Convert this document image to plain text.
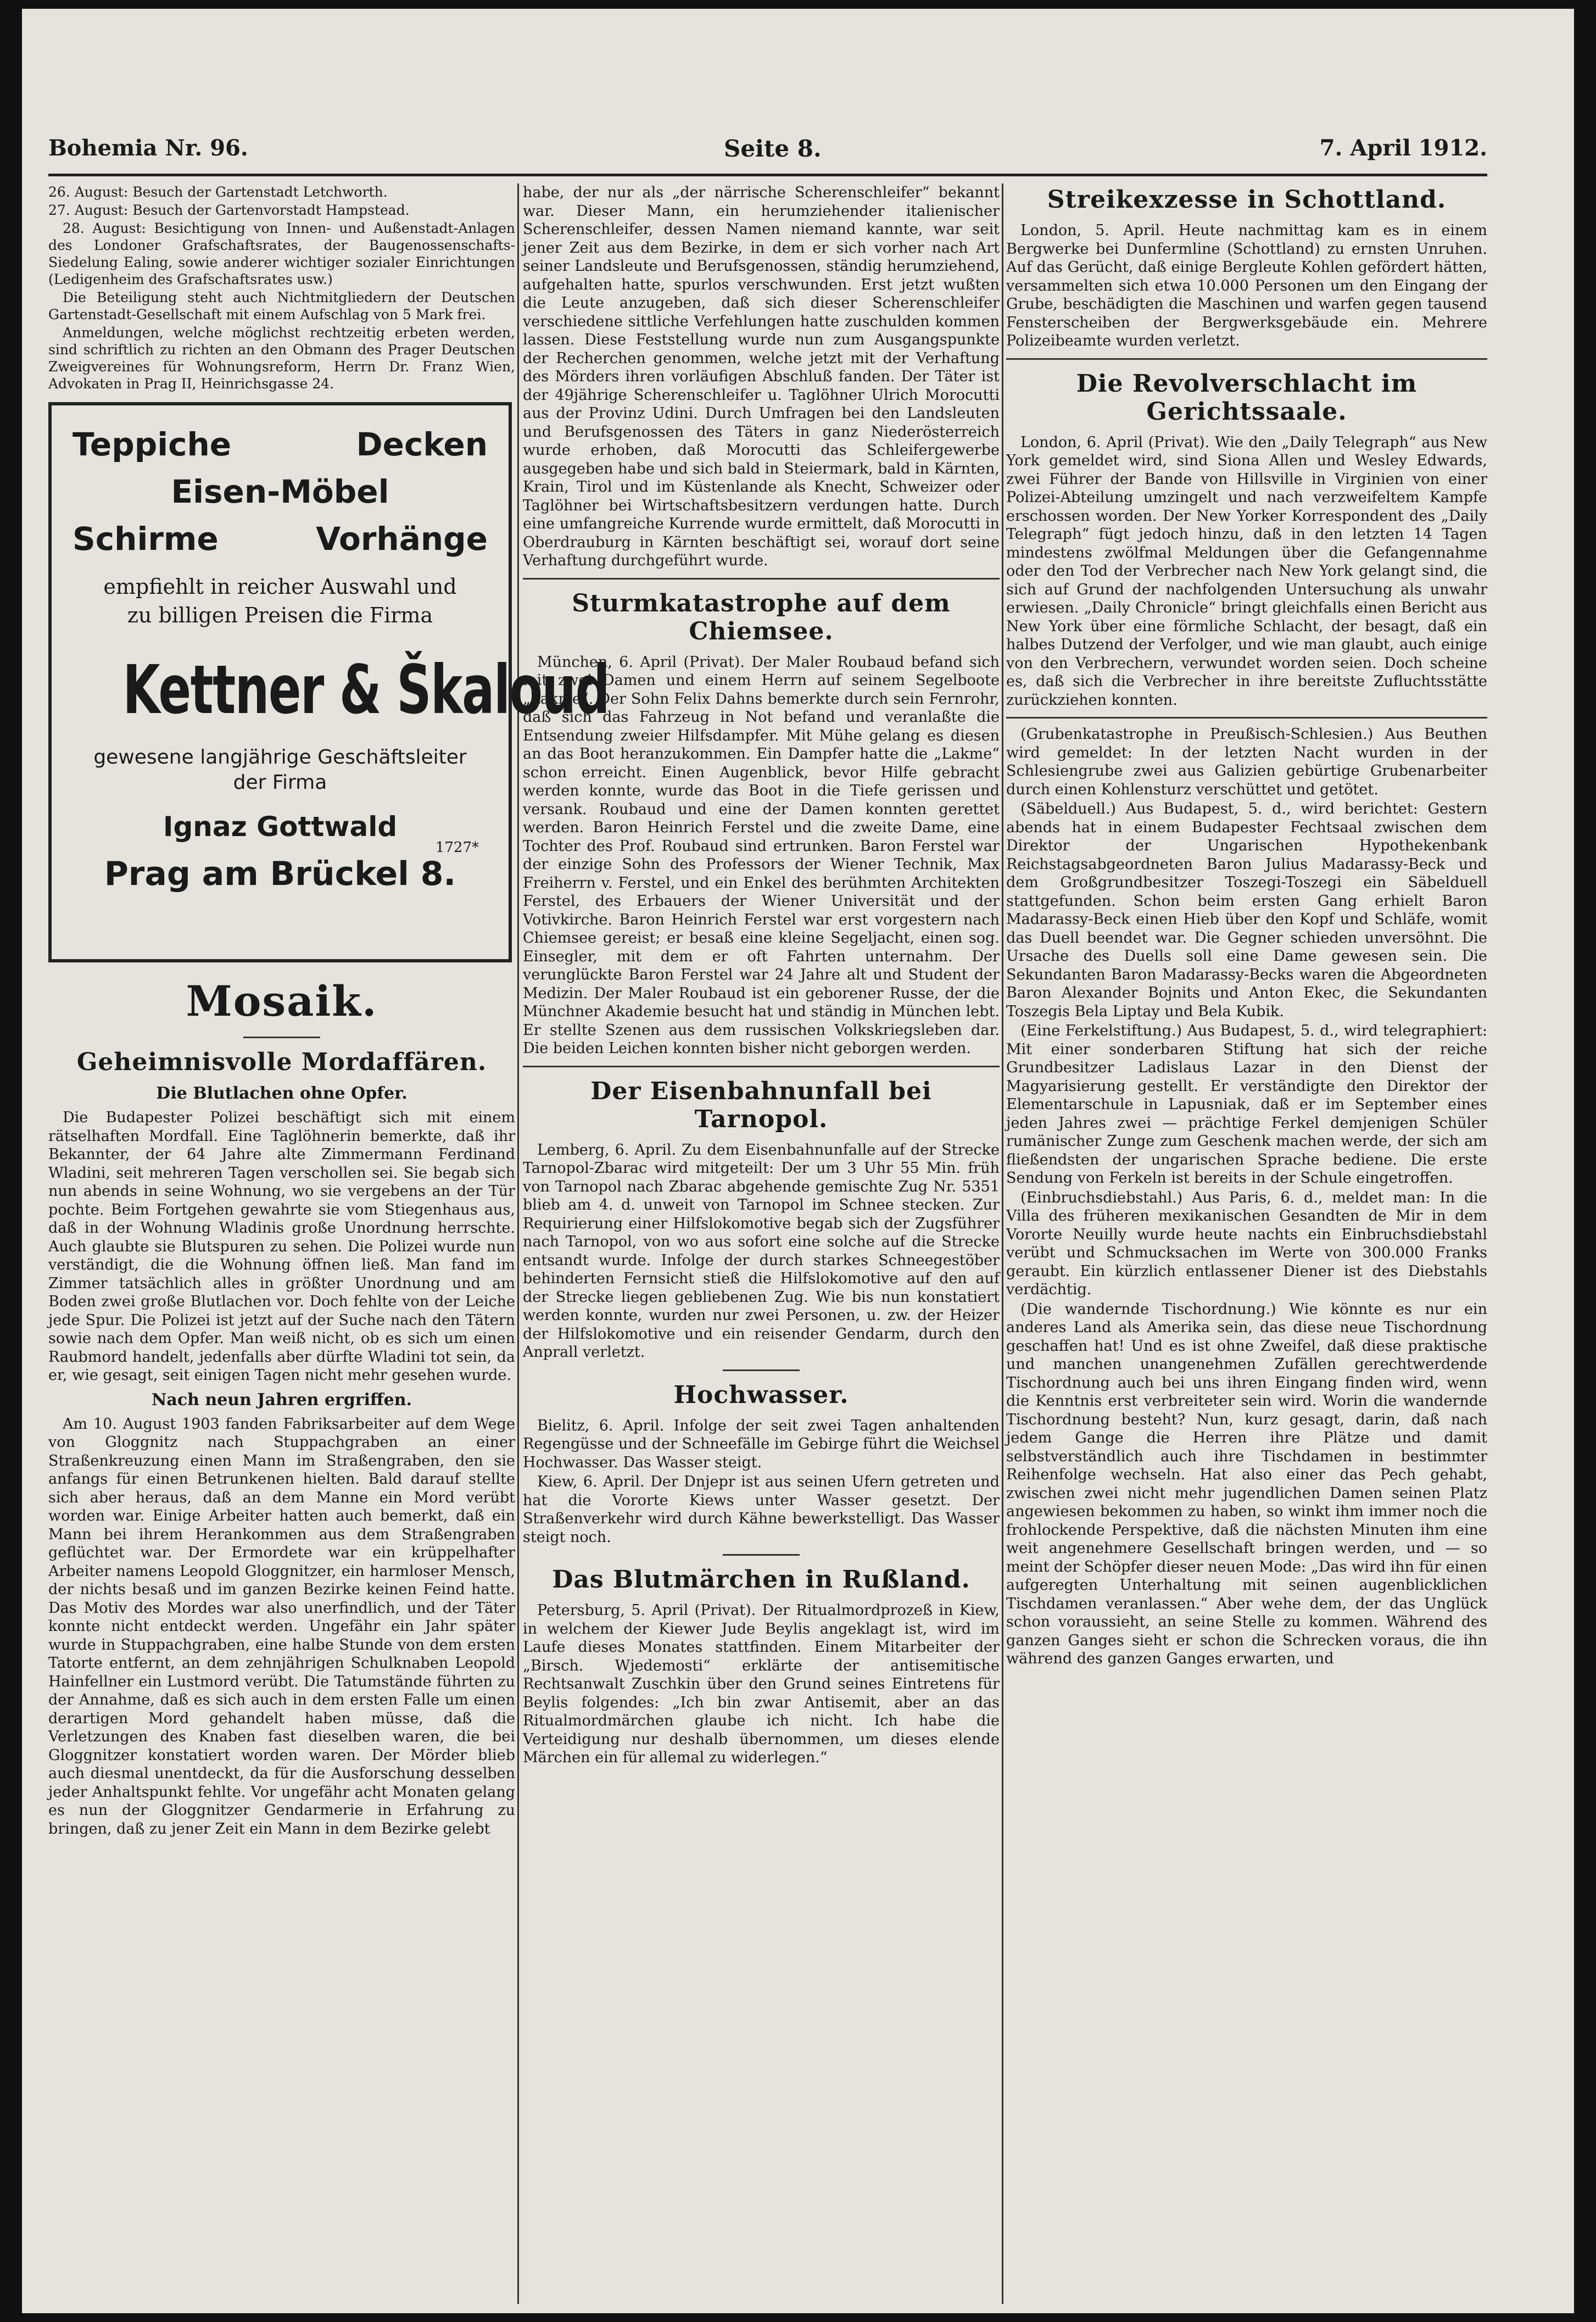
Bohemia Nr. 96.	Seite 8.	7. April 1912.

26. August: Besuch der Gartenstadt Letchworth.

27. August: Besuch der Gartenvorstadt Hampstead.

28. August: Besichtigung von Innen- und Außenstadt-Anlagen des Londoner Grafschaftsrates, der Baugenossenschafts-Siedelung Ealing, sowie anderer wichtiger sozialer Einrichtungen (Ledigenheim des Grafschaftsrates usw.)

Die Beteiligung steht auch Nichtmitgliedern der Deutschen Gartenstadt-Gesellschaft mit einem Aufschlag von 5 Mark frei.

Anmeldungen, welche möglichst rechtzeitig erbeten werden, sind schriftlich zu richten an den Obmann des Prager Deutschen Zweigvereines für Wohnungsreform, Herrn Dr. Franz Wien, Advokaten in Prag II, Heinrichsgasse 24.

Teppiche	Decken
Eisen-Möbel
Schirme	Vorhänge
empfiehlt in reicher Auswahl und
zu billigen Preisen die Firma
Kettner & Škaloud
gewesene langjährige Geschäftsleiter
der Firma
1727*
Ignaz Gottwald
Prag am Brückel 8.
Mosaik.
Geheimnisvolle Mordaffären.
Die Blutlachen ohne Opfer.

Die Budapester Polizei beschäftigt sich mit einem rätselhaften Mordfall. Eine Taglöhnerin bemerkte, daß ihr Bekannter, der 64 Jahre alte Zimmermann Ferdinand Wladini, seit mehreren Tagen verschollen sei. Sie begab sich nun abends in seine Wohnung, wo sie vergebens an der Tür pochte. Beim Fortgehen gewahrte sie vom Stiegenhaus aus, daß in der Wohnung Wladinis große Unordnung herrschte. Auch glaubte sie Blutspuren zu sehen. Die Polizei wurde nun verständigt, die die Wohnung öffnen ließ. Man fand im Zimmer tatsächlich alles in größter Unordnung und am Boden zwei große Blutlachen vor. Doch fehlte von der Leiche jede Spur. Die Polizei ist jetzt auf der Suche nach den Tätern sowie nach dem Opfer. Man weiß nicht, ob es sich um einen Raubmord handelt, jedenfalls aber dürfte Wladini tot sein, da er, wie gesagt, seit einigen Tagen nicht mehr gesehen wurde.

Nach neun Jahren ergriffen.

Am 10. August 1903 fanden Fabriksarbeiter auf dem Wege von Gloggnitz nach Stuppachgraben an einer Straßenkreuzung einen Mann im Straßengraben, den sie anfangs für einen Betrunkenen hielten. Bald darauf stellte sich aber heraus, daß an dem Manne ein Mord verübt worden war. Einige Arbeiter hatten auch bemerkt, daß ein Mann bei ihrem Herankommen aus dem Straßengraben geflüchtet war. Der Ermordete war ein krüppelhafter Arbeiter namens Leopold Gloggnitzer, ein harmloser Mensch, der nichts besaß und im ganzen Bezirke keinen Feind hatte. Das Motiv des Mordes war also unerfindlich, und der Täter konnte nicht entdeckt werden. Ungefähr ein Jahr später wurde in Stuppachgraben, eine halbe Stunde von dem ersten Tatorte entfernt, an dem zehnjährigen Schulknaben Leopold Hainfellner ein Lustmord verübt. Die Tatumstände führten zu der Annahme, daß es sich auch in dem ersten Falle um einen derartigen Mord gehandelt haben müsse, daß die Verletzungen des Knaben fast dieselben waren, die bei Gloggnitzer konstatiert worden waren. Der Mörder blieb auch diesmal unentdeckt, da für die Ausforschung desselben jeder Anhaltspunkt fehlte. Vor ungefähr acht Monaten gelang es nun der Gloggnitzer Gendarmerie in Erfahrung zu bringen, daß zu jener Zeit ein Mann in dem Bezirke gelebt

habe, der nur als „der närrische Scherenschleifer“ bekannt war. Dieser Mann, ein herumziehender italienischer Scherenschleifer, dessen Namen niemand kannte, war seit jener Zeit aus dem Bezirke, in dem er sich vorher nach Art seiner Landsleute und Berufsgenossen, ständig herumziehend, aufgehalten hatte, spurlos verschwunden. Erst jetzt wußten die Leute anzugeben, daß sich dieser Scherenschleifer verschiedene sittliche Verfehlungen hatte zuschulden kommen lassen. Diese Feststellung wurde nun zum Ausgangspunkte der Recherchen genommen, welche jetzt mit der Verhaftung des Mörders ihren vorläufigen Abschluß fanden. Der Täter ist der 49jährige Scherenschleifer u. Taglöhner Ulrich Morocutti aus der Provinz Udini. Durch Umfragen bei den Landsleuten und Berufsgenossen des Täters in ganz Niederösterreich wurde erhoben, daß Morocutti das Schleifergewerbe ausgegeben habe und sich bald in Steiermark, bald in Kärnten, Krain, Tirol und im Küstenlande als Knecht, Schweizer oder Taglöhner bei Wirtschaftsbesitzern verdungen hatte. Durch eine umfangreiche Kurrende wurde ermittelt, daß Morocutti in Oberdrauburg in Kärnten beschäftigt sei, worauf dort seine Verhaftung durchgeführt wurde.

Sturmkatastrophe auf dem Chiemsee.

München, 6. April (Privat). Der Maler Roubaud befand sich mit zwei Damen und einem Herrn auf seinem Segelboote „Lakme“. Der Sohn Felix Dahns bemerkte durch sein Fernrohr, daß sich das Fahrzeug in Not befand und veranlaßte die Entsendung zweier Hilfsdampfer. Mit Mühe gelang es diesen an das Boot heranzukommen. Ein Dampfer hatte die „Lakme“ schon erreicht. Einen Augenblick, bevor Hilfe gebracht werden konnte, wurde das Boot in die Tiefe gerissen und versank. Roubaud und eine der Damen konnten gerettet werden. Baron Heinrich Ferstel und die zweite Dame, eine Tochter des Prof. Roubaud sind ertrunken. Baron Ferstel war der einzige Sohn des Professors der Wiener Technik, Max Freiherrn v. Ferstel, und ein Enkel des berühmten Architekten Ferstel, des Erbauers der Wiener Universität und der Votivkirche. Baron Heinrich Ferstel war erst vorgestern nach Chiemsee gereist; er besaß eine kleine Segeljacht, einen sog. Einsegler, mit dem er oft Fahrten unternahm. Der verunglückte Baron Ferstel war 24 Jahre alt und Student der Medizin. Der Maler Roubaud ist ein geborener Russe, der die Münchner Akademie besucht hat und ständig in München lebt. Er stellte Szenen aus dem russischen Volkskriegsleben dar. Die beiden Leichen konnten bisher nicht geborgen werden.

Der Eisenbahnunfall bei Tarnopol.

Lemberg, 6. April. Zu dem Eisenbahnunfalle auf der Strecke Tarnopol-Zbarac wird mitgeteilt: Der um 3 Uhr 55 Min. früh von Tarnopol nach Zbarac abgehende gemischte Zug Nr. 5351 blieb am 4. d. unweit von Tarnopol im Schnee stecken. Zur Requirierung einer Hilfslokomotive begab sich der Zugsführer nach Tarnopol, von wo aus sofort eine solche auf die Strecke entsandt wurde. Infolge der durch starkes Schneegestöber behinderten Fernsicht stieß die Hilfslokomotive auf den auf der Strecke liegen gebliebenen Zug. Wie bis nun konstatiert werden konnte, wurden nur zwei Personen, u. zw. der Heizer der Hilfslokomotive und ein reisender Gendarm, durch den Anprall verletzt.

Hochwasser.

Bielitz, 6. April. Infolge der seit zwei Tagen anhaltenden Regengüsse und der Schneefälle im Gebirge führt die Weichsel Hochwasser. Das Wasser steigt.

Kiew, 6. April. Der Dnjepr ist aus seinen Ufern getreten und hat die Vororte Kiews unter Wasser gesetzt. Der Straßenverkehr wird durch Kähne bewerkstelligt. Das Wasser steigt noch.

Das Blutmärchen in Rußland.

Petersburg, 5. April (Privat). Der Ritualmordprozeß in Kiew, in welchem der Kiewer Jude Beylis angeklagt ist, wird im Laufe dieses Monates stattfinden. Einem Mitarbeiter der „Birsch. Wjedemosti“ erklärte der antisemitische Rechtsanwalt Zuschkin über den Grund seines Eintretens für Beylis folgendes: „Ich bin zwar Antisemit, aber an das Ritualmordmärchen glaube ich nicht. Ich habe die Verteidigung nur deshalb übernommen, um dieses elende Märchen ein für allemal zu widerlegen.“

Streikexzesse in Schottland.

London, 5. April. Heute nachmittag kam es in einem Bergwerke bei Dunfermline (Schottland) zu ernsten Unruhen. Auf das Gerücht, daß einige Bergleute Kohlen gefördert hätten, versammelten sich etwa 10.000 Personen um den Eingang der Grube, beschädigten die Maschinen und warfen gegen tausend Fensterscheiben der Bergwerksgebäude ein. Mehrere Polizeibeamte wurden verletzt.

Die Revolverschlacht im Gerichtssaale.

London, 6. April (Privat). Wie den „Daily Telegraph“ aus New York gemeldet wird, sind Siona Allen und Wesley Edwards, zwei Führer der Bande von Hillsville in Virginien von einer Polizei-Abteilung umzingelt und nach verzweifeltem Kampfe erschossen worden. Der New Yorker Korrespondent des „Daily Telegraph“ fügt jedoch hinzu, daß in den letzten 14 Tagen mindestens zwölfmal Meldungen über die Gefangennahme oder den Tod der Verbrecher nach New York gelangt sind, die sich auf Grund der nachfolgenden Untersuchung als unwahr erwiesen. „Daily Chronicle“ bringt gleichfalls einen Bericht aus New York über eine förmliche Schlacht, der besagt, daß ein halbes Dutzend der Verfolger, und wie man glaubt, auch einige von den Verbrechern, verwundet worden seien. Doch scheine es, daß sich die Verbrecher in ihre bereitste Zufluchtsstätte zurückziehen konnten.

(Grubenkatastrophe in Preußisch-Schlesien.) Aus Beuthen wird gemeldet: In der letzten Nacht wurden in der Schlesiengrube zwei aus Galizien gebürtige Grubenarbeiter durch einen Kohlensturz verschüttet und getötet.

(Säbelduell.) Aus Budapest, 5. d., wird berichtet: Gestern abends hat in einem Budapester Fechtsaal zwischen dem Direktor der Ungarischen Hypothekenbank Reichstagsabgeordneten Baron Julius Madarassy-Beck und dem Großgrundbesitzer Toszegi-Toszegi ein Säbelduell stattgefunden. Schon beim ersten Gang erhielt Baron Madarassy-Beck einen Hieb über den Kopf und Schläfe, womit das Duell beendet war. Die Gegner schieden unversöhnt. Die Ursache des Duells soll eine Dame gewesen sein. Die Sekundanten Baron Madarassy-Becks waren die Abgeordneten Baron Alexander Bojnits und Anton Ekec, die Sekundanten Toszegis Bela Liptay und Bela Kubik.

(Eine Ferkelstiftung.) Aus Budapest, 5. d., wird telegraphiert: Mit einer sonderbaren Stiftung hat sich der reiche Grundbesitzer Ladislaus Lazar in den Dienst der Magyarisierung gestellt. Er verständigte den Direktor der Elementarschule in Lapusniak, daß er im September eines jeden Jahres zwei — prächtige Ferkel demjenigen Schüler rumänischer Zunge zum Geschenk machen werde, der sich am fließendsten der ungarischen Sprache bediene. Die erste Sendung von Ferkeln ist bereits in der Schule eingetroffen.

(Einbruchsdiebstahl.) Aus Paris, 6. d., meldet man: In die Villa des früheren mexikanischen Gesandten de Mir in dem Vororte Neuilly wurde heute nachts ein Einbruchsdiebstahl verübt und Schmucksachen im Werte von 300.000 Franks geraubt. Ein kürzlich entlassener Diener ist des Diebstahls verdächtig.

(Die wandernde Tischordnung.) Wie könnte es nur ein anderes Land als Amerika sein, das diese neue Tischordnung geschaffen hat! Und es ist ohne Zweifel, daß diese praktische und manchen unangenehmen Zufällen gerechtwerdende Tischordnung auch bei uns ihren Eingang finden wird, wenn die Kenntnis erst verbreiteter sein wird. Worin die wandernde Tischordnung besteht? Nun, kurz gesagt, darin, daß nach jedem Gange die Herren ihre Plätze und damit selbstverständlich auch ihre Tischdamen in bestimmter Reihenfolge wechseln. Hat also einer das Pech gehabt, zwischen zwei nicht mehr jugendlichen Damen seinen Platz angewiesen bekommen zu haben, so winkt ihm immer noch die frohlockende Perspektive, daß die nächsten Minuten ihm eine weit angenehmere Gesellschaft bringen werden, und — so meint der Schöpfer dieser neuen Mode: „Das wird ihn für einen aufgeregten Unterhaltung mit seinen augenblicklichen Tischdamen veranlassen.“ Aber wehe dem, der das Unglück schon voraussieht, an seine Stelle zu kommen. Während des ganzen Ganges sieht er schon die Schrecken voraus, die ihn während des ganzen Ganges erwarten, und
